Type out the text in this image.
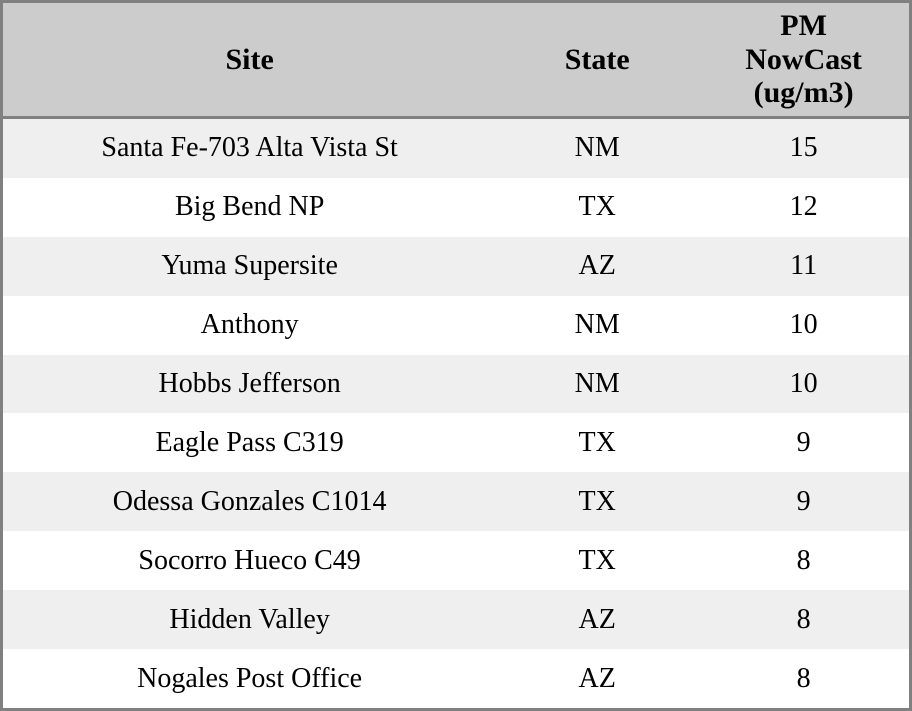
Site	State	PM
NowCast
(ug/m3)
Santa Fe-703 Alta Vista St	NM	15
Big Bend NP	TX	12
Yuma Supersite	AZ	11
Anthony	NM	10
Hobbs Jefferson	NM	10
Eagle Pass C319	TX	9
Odessa Gonzales C1014	TX	9
Socorro Hueco C49	TX	8
Hidden Valley	AZ	8
Nogales Post Office	AZ	8
